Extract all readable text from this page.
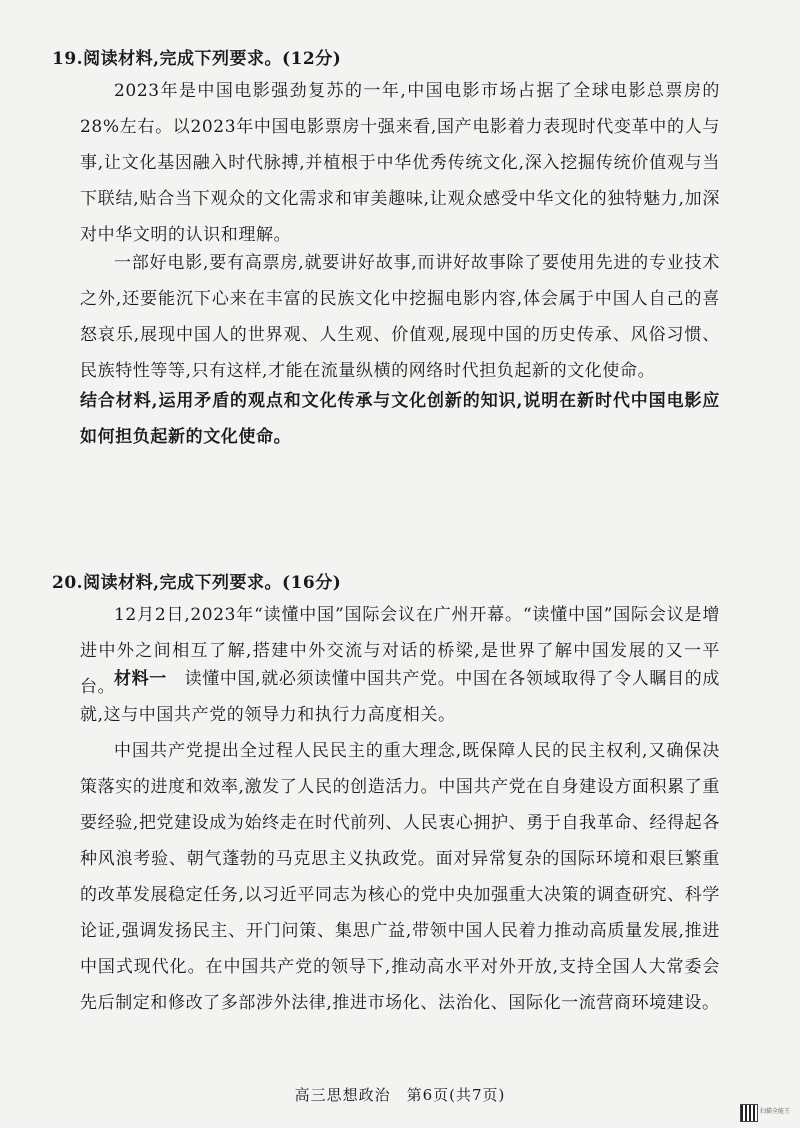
19.阅读材料,完成下列要求。(12分)

2023年是中国电影强劲复苏的一年,中国电影市场占据了全球电影总票房的28%左右。以2023年中国电影票房十强来看,国产电影着力表现时代变革中的人与事,让文化基因融入时代脉搏,并植根于中华优秀传统文化,深入挖掘传统价值观与当下联结,贴合当下观众的文化需求和审美趣味,让观众感受中华文化的独特魅力,加深对中华文明的认识和理解。

一部好电影,要有高票房,就要讲好故事,而讲好故事除了要使用先进的专业技术之外,还要能沉下心来在丰富的民族文化中挖掘电影内容,体会属于中国人自己的喜怒哀乐,展现中国人的世界观、人生观、价值观,展现中国的历史传承、风俗习惯、民族特性等等,只有这样,才能在流量纵横的网络时代担负起新的文化使命。

结合材料,运用矛盾的观点和文化传承与文化创新的知识,说明在新时代中国电影应如何担负起新的文化使命。

20.阅读材料,完成下列要求。(16分)

12月2日,2023年“读懂中国”国际会议在广州开幕。“读懂中国”国际会议是增进中外之间相互了解,搭建中外交流与对话的桥梁,是世界了解中国发展的又一平台。

材料一　 读懂中国,就必须读懂中国共产党。中国在各领域取得了令人瞩目的成就,这与中国共产党的领导力和执行力高度相关。

中国共产党提出全过程人民民主的重大理念,既保障人民的民主权利,又确保决策落实的进度和效率,激发了人民的创造活力。中国共产党在自身建设方面积累了重要经验,把党建设成为始终走在时代前列、人民衷心拥护、勇于自我革命、经得起各种风浪考验、朝气蓬勃的马克思主义执政党。面对异常复杂的国际环境和艰巨繁重的改革发展稳定任务,以习近平同志为核心的党中央加强重大决策的调查研究、科学论证,强调发扬民主、开门问策、集思广益,带领中国人民着力推动高质量发展,推进中国式现代化。在中国共产党的领导下,推动高水平对外开放,支持全国人大常委会先后制定和修改了多部涉外法律,推进市场化、法治化、国际化一流营商环境建设。

高三思想政治　第6页(共7页)
扫描全能王
